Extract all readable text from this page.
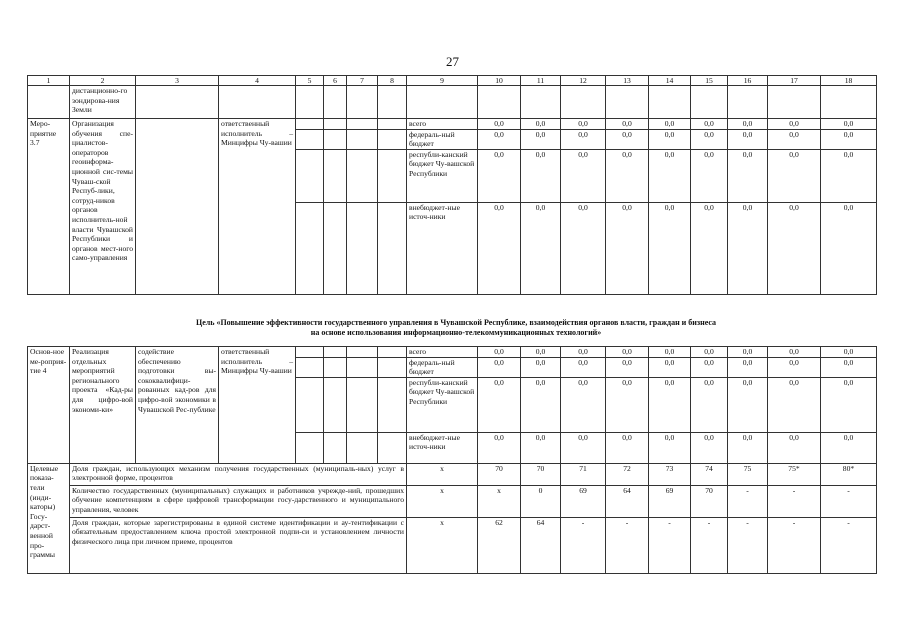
27
1	2	3	4	5	6	7	8	9	10	11	12	13	14	15	16	17	18
	дистанционно-го зондирова-ния Земли																
Меро-приятие 3.7	Организация обучения спе-циалистов-операторов геоинформа-ционной сис-темы Чуваш-ской Респуб-лики, сотруд-ников органов исполнитель-ной власти Чувашской Республики и органов мест-ного само-управления		ответственный исполнитель – Минцифры Чу-вашии					всего	0,0	0,0	0,0	0,0	0,0	0,0	0,0	0,0	0,0
								федераль-ный бюджет	0,0	0,0	0,0	0,0	0,0	0,0	0,0	0,0	0,0
								республи-канский бюджет Чу-вашской Республики	0,0	0,0	0,0	0,0	0,0	0,0	0,0	0,0	0,0
								внебюджет-ные источ-ники	0,0	0,0	0,0	0,0	0,0	0,0	0,0	0,0	0,0
Цель «Повышение эффективности государственного управления в Чувашской Республике, взаимодействия органов власти, граждан и бизнеса
на основе использования информационно-телекоммуникационных технологий»
Основ-ное ме-роприя-тие 4	Реализация отдельных мероприятий регионального проекта «Кад-ры для цифро-вой экономи-ки»	содействие обеспечению подготовки вы-сококвалифици-рованных кад-ров для цифро-вой экономики в Чувашской Рес-публике	ответственный исполнитель – Минцифры Чу-вашии					всего	0,0	0,0	0,0	0,0	0,0	0,0	0,0	0,0	0,0
								федераль-ный бюджет	0,0	0,0	0,0	0,0	0,0	0,0	0,0	0,0	0,0
								республи-канский бюджет Чу-вашской Республики	0,0	0,0	0,0	0,0	0,0	0,0	0,0	0,0	0,0
								внебюджет-ные источ-ники	0,0	0,0	0,0	0,0	0,0	0,0	0,0	0,0	0,0
Целевые показа-тели (инди-каторы) Госу-дарст-венной про-граммы	Доля граждан, использующих механизм получения государственных (муниципаль-ных) услуг в электронной форме, процентов							x	70	70	71	72	73	74	75	75*	80*
	Количество государственных (муниципальных) служащих и работников учрежде-ний, прошедших обучение компетенциям в сфере цифровой трансформации госу-дарственного и муниципального управления, человек							x	x	0	69	64	69	70	-	-	-
	Доля граждан, которые зарегистрированы в единой системе идентификации и ау-тентификации с обязательным предоставлением ключа простой электронной подпи-си и установлением личности физического лица при личном приеме, процентов							x	62	64	-	-	-	-	-	-	-
